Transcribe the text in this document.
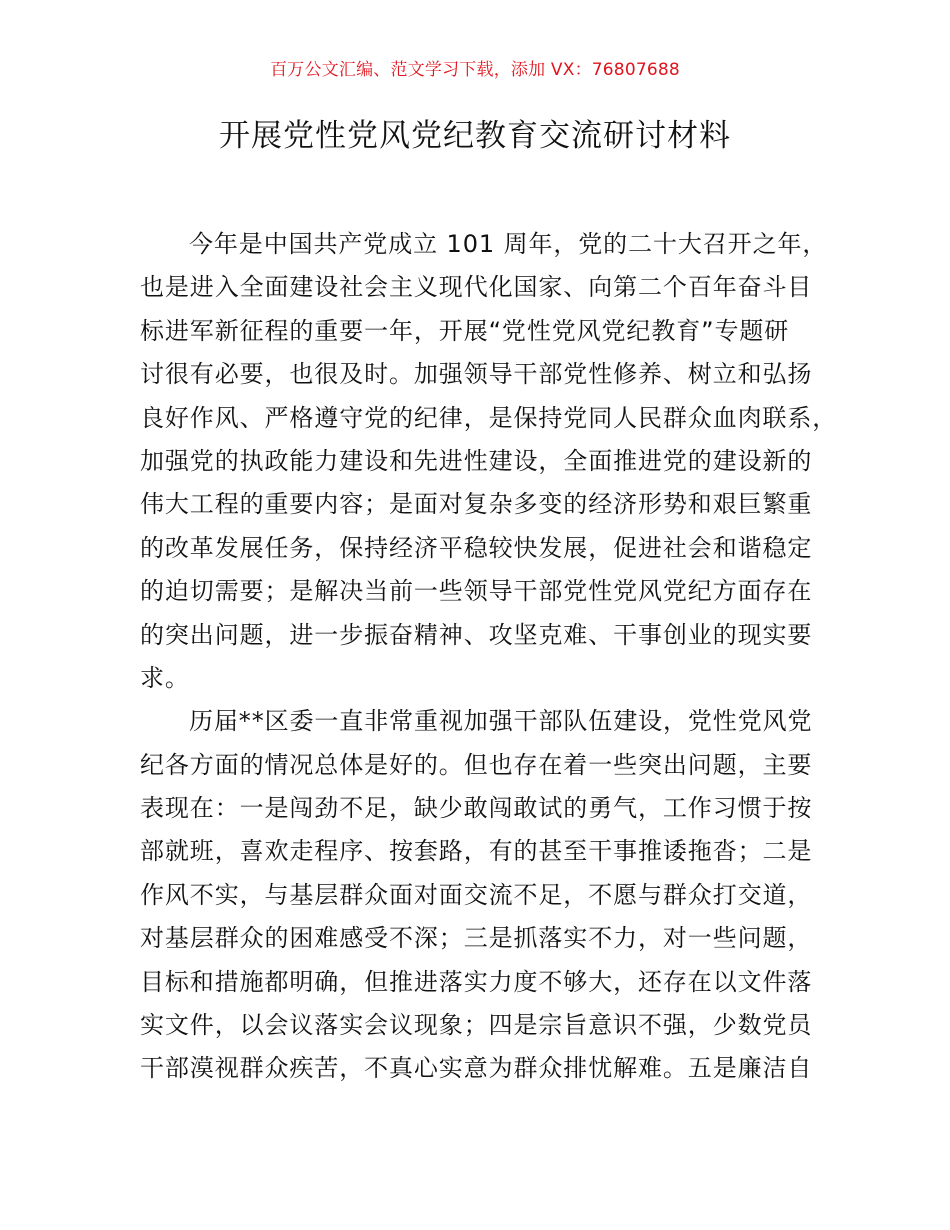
百万公文汇编、范文学习下载，添加 VX：76807688
开展党性党风党纪教育交流研讨材料
今年是中国共产党成立 101 周年，党的二十大召开之年，
也是进入全面建设社会主义现代化国家、向第二个百年奋斗目
标进军新征程的重要一年，开展“党性党风党纪教育”专题研
讨很有必要，也很及时。加强领导干部党性修养、树立和弘扬
良好作风、严格遵守党的纪律，是保持党同人民群众血肉联系，
加强党的执政能力建设和先进性建设，全面推进党的建设新的
伟大工程的重要内容；是面对复杂多变的经济形势和艰巨繁重
的改革发展任务，保持经济平稳较快发展，促进社会和谐稳定
的迫切需要；是解决当前一些领导干部党性党风党纪方面存在
的突出问题，进一步振奋精神、攻坚克难、干事创业的现实要
求。
历届**区委一直非常重视加强干部队伍建设，党性党风党
纪各方面的情况总体是好的。但也存在着一些突出问题，主要
表现在：一是闯劲不足，缺少敢闯敢试的勇气，工作习惯于按
部就班，喜欢走程序、按套路，有的甚至干事推诿拖沓；二是
作风不实，与基层群众面对面交流不足，不愿与群众打交道，
对基层群众的困难感受不深；三是抓落实不力，对一些问题，
目标和措施都明确，但推进落实力度不够大，还存在以文件落
实文件，以会议落实会议现象；四是宗旨意识不强，少数党员
干部漠视群众疾苦，不真心实意为群众排忧解难。五是廉洁自
